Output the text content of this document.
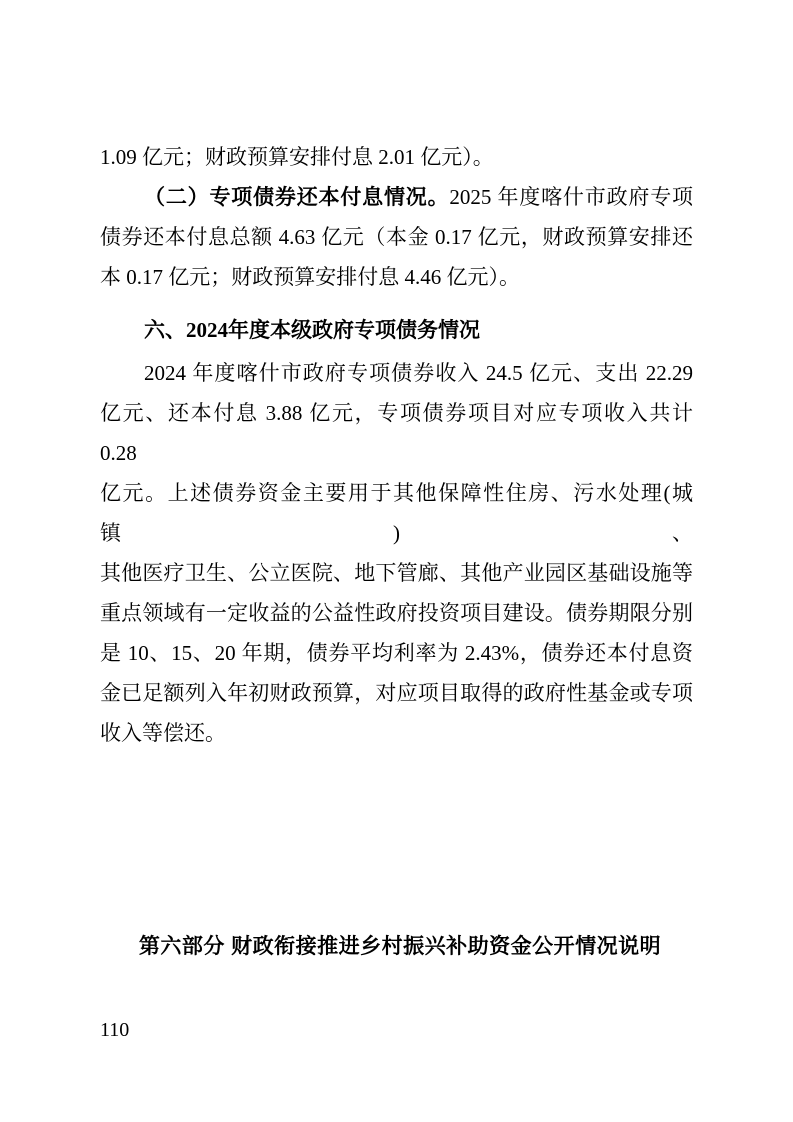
1.09 亿元；财政预算安排付息 2.01 亿元）。
（二）专项债券还本付息情况。2025 年度喀什市政府专项
债券还本付息总额 4.63 亿元（本金 0.17 亿元，财政预算安排还
本 0.17 亿元；财政预算安排付息 4.46 亿元）。
六、2024年度本级政府专项债务情况
2024 年度喀什市政府专项债券收入 24.5 亿元、支出 22.29
亿元、还本付息 3.88 亿元，专项债券项目对应专项收入共计 0.28
亿元。上述债券资金主要用于其他保障性住房、污水处理(城镇)、
其他医疗卫生、公立医院、地下管廊、其他产业园区基础设施等
重点领域有一定收益的公益性政府投资项目建设。债券期限分别
是 10、15、20 年期，债券平均利率为 2.43%，债券还本付息资
金已足额列入年初财政预算，对应项目取得的政府性基金或专项
收入等偿还。
第六部分 财政衔接推进乡村振兴补助资金公开情况说明
110
